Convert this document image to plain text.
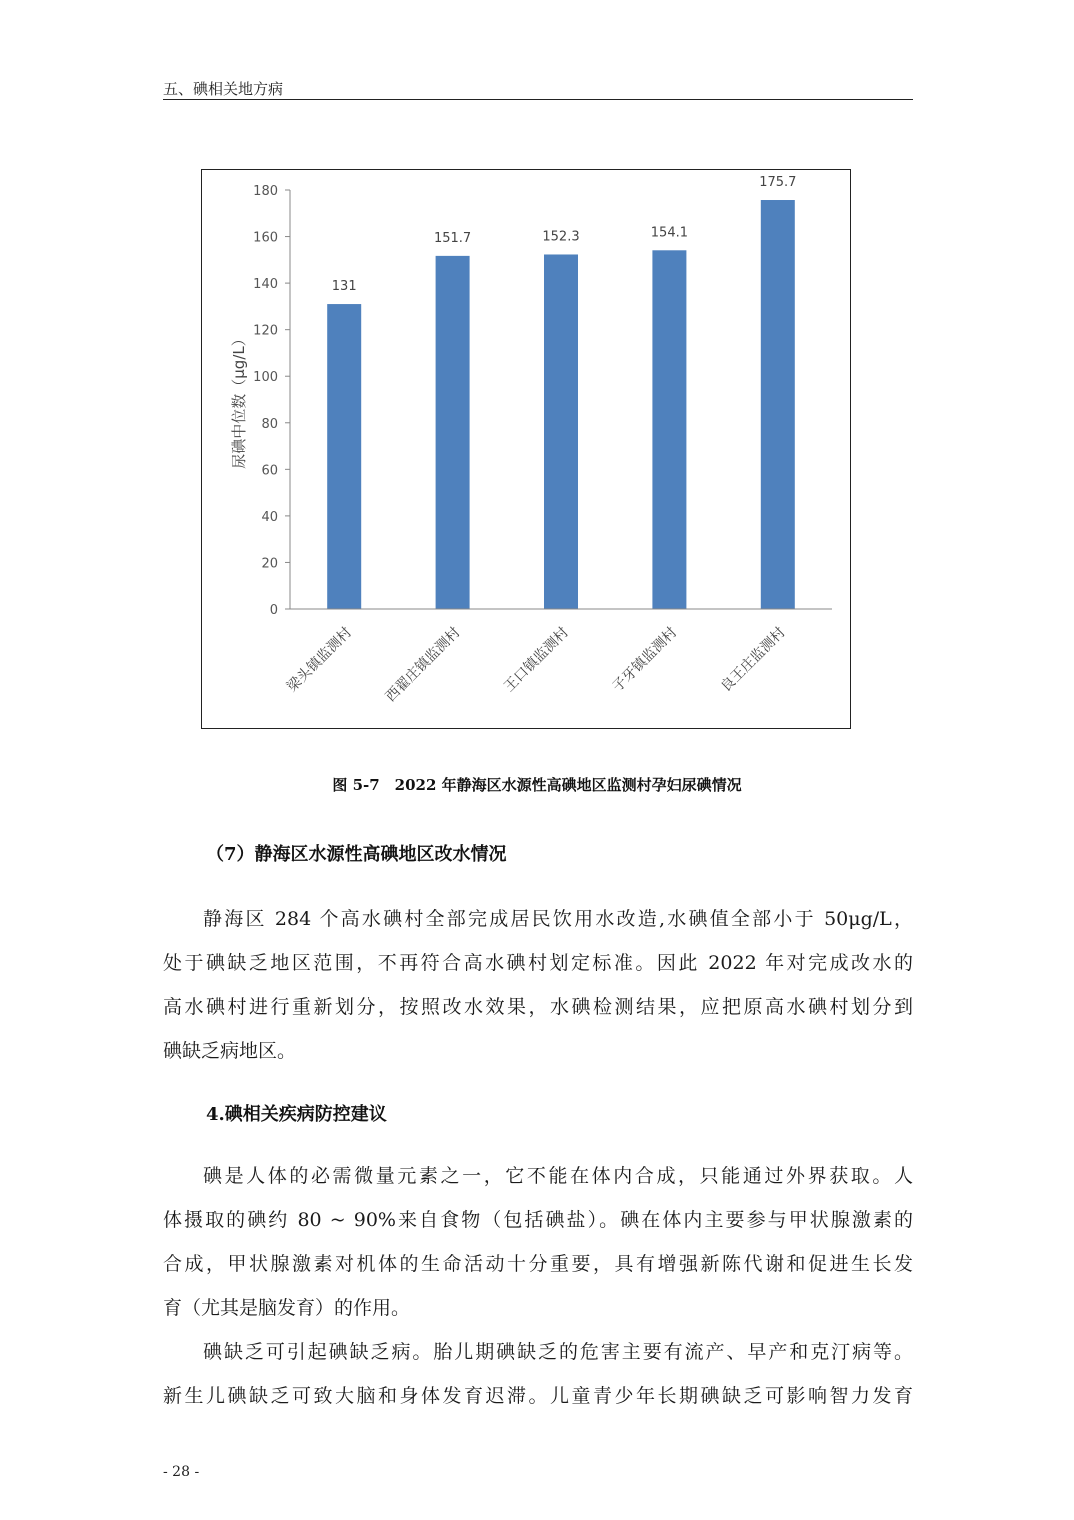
五、碘相关地方病
0
20
40
60
80
100
120
140
160
180
131
151.7	152.3	154.1
175.7
梁头镇监测村 西翟庄镇监测村	王口镇监测村	子牙镇监测村	良王庄监测村
尿碘中位数（μg/L）
图 5-7　2022 年静海区水源性高碘地区监测村孕妇尿碘情况
（7）静海区水源性高碘地区改水情况
静海区 284 个高水碘村全部完成居民饮用水改造,水碘值全部小于 50μg/L，
处于碘缺乏地区范围，不再符合高水碘村划定标准。因此 2022 年对完成改水的
高水碘村进行重新划分，按照改水效果，水碘检测结果，应把原高水碘村划分到
碘缺乏病地区。
4.碘相关疾病防控建议
碘是人体的必需微量元素之一，它不能在体内合成，只能通过外界获取。人
体摄取的碘约 80 ~ 90%来自食物（包括碘盐）。碘在体内主要参与甲状腺激素的
合成，甲状腺激素对机体的生命活动十分重要，具有增强新陈代谢和促进生长发
育（尤其是脑发育）的作用。
碘缺乏可引起碘缺乏病。胎儿期碘缺乏的危害主要有流产、早产和克汀病等。
新生儿碘缺乏可致大脑和身体发育迟滞。儿童青少年长期碘缺乏可影响智力发育
- 28 -
